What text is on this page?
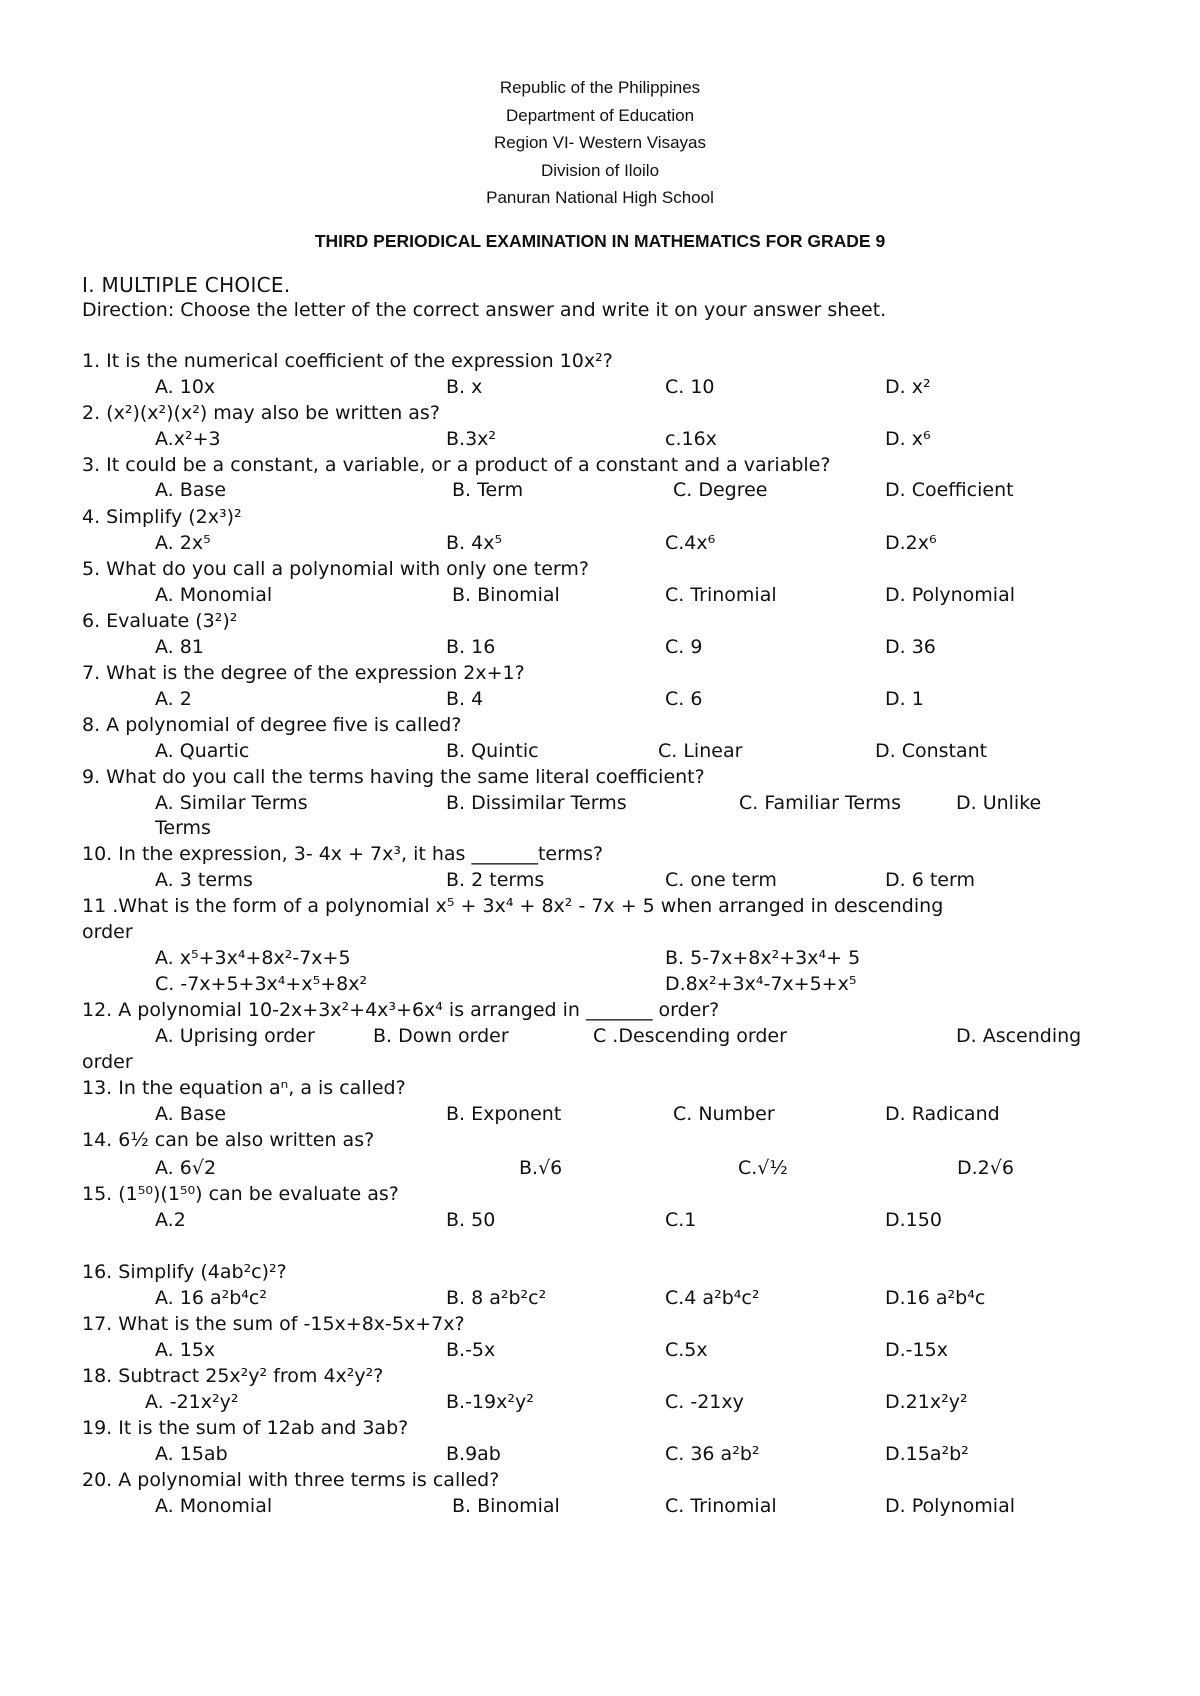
Republic of the Philippines
Department of Education
Region VI- Western Visayas
Division of Iloilo
Panuran National High School
THIRD PERIODICAL EXAMINATION IN MATHEMATICS FOR GRADE 9
I. MULTIPLE CHOICE.
Direction: Choose the letter of the correct answer and write it on your answer sheet.
1. It is the numerical coefficient of the expression 10x²?
A. 10x	B. x	C. 10	D. x²
2. (x²)(x²)(x²) may also be written as?
A.x²+3	B.3x²	c.16x	D. x⁶
3. It could be a constant, a variable, or a product of a constant and a variable?
A. Base	B. Term	C. Degree	D. Coefficient
4. Simplify (2x³)²
A. 2x⁵	B. 4x⁵	C.4x⁶	D.2x⁶
5. What do you call a polynomial with only one term?
A. Monomial	B. Binomial	C. Trinomial	D. Polynomial
6. Evaluate (3²)²
A. 81	B. 16	C. 9	D. 36
7. What is the degree of the expression 2x+1?
A. 2	B. 4	C. 6	D. 1
8. A polynomial of degree five is called?
A. Quartic	B. Quintic	C. Linear	D. Constant
9. What do you call the terms having the same literal coefficient?
A. Similar Terms	B. Dissimilar Terms	C. Familiar Terms	D. Unlike
Terms
10. In the expression, 3- 4x + 7x³, it has _______terms?
A. 3 terms	B. 2 terms	C. one term	D. 6 term
11 .What is the form of a polynomial x⁵ + 3x⁴ + 8x² - 7x + 5 when arranged in descending
order
A. x⁵+3x⁴+8x²-7x+5	B. 5-7x+8x²+3x⁴+ 5
C. -7x+5+3x⁴+x⁵+8x²	D.8x²+3x⁴-7x+5+x⁵
12. A polynomial 10-2x+3x²+4x³+6x⁴ is arranged in _______ order?
A. Uprising order	B. Down order	C .Descending order	D. Ascending
order
13. In the equation aⁿ, a is called?
A. Base	B. Exponent	C. Number	D. Radicand
14. 6½ can be also written as?
A. 6√2	B.√6	C.√½	D.2√6
15. (1⁵⁰)(1⁵⁰) can be evaluate as?
A.2	B. 50	C.1	D.150
16. Simplify (4ab²c)²?
A. 16 a²b⁴c²	B. 8 a²b²c²	C.4 a²b⁴c²	D.16 a²b⁴c
17. What is the sum of -15x+8x-5x+7x?
A. 15x	B.-5x	C.5x	D.-15x
18. Subtract 25x²y² from 4x²y²?
A. -21x²y²	B.-19x²y²	C. -21xy	D.21x²y²
19. It is the sum of 12ab and 3ab?
A. 15ab	B.9ab	C. 36 a²b²	D.15a²b²
20. A polynomial with three terms is called?
A. Monomial	B. Binomial	C. Trinomial	D. Polynomial
